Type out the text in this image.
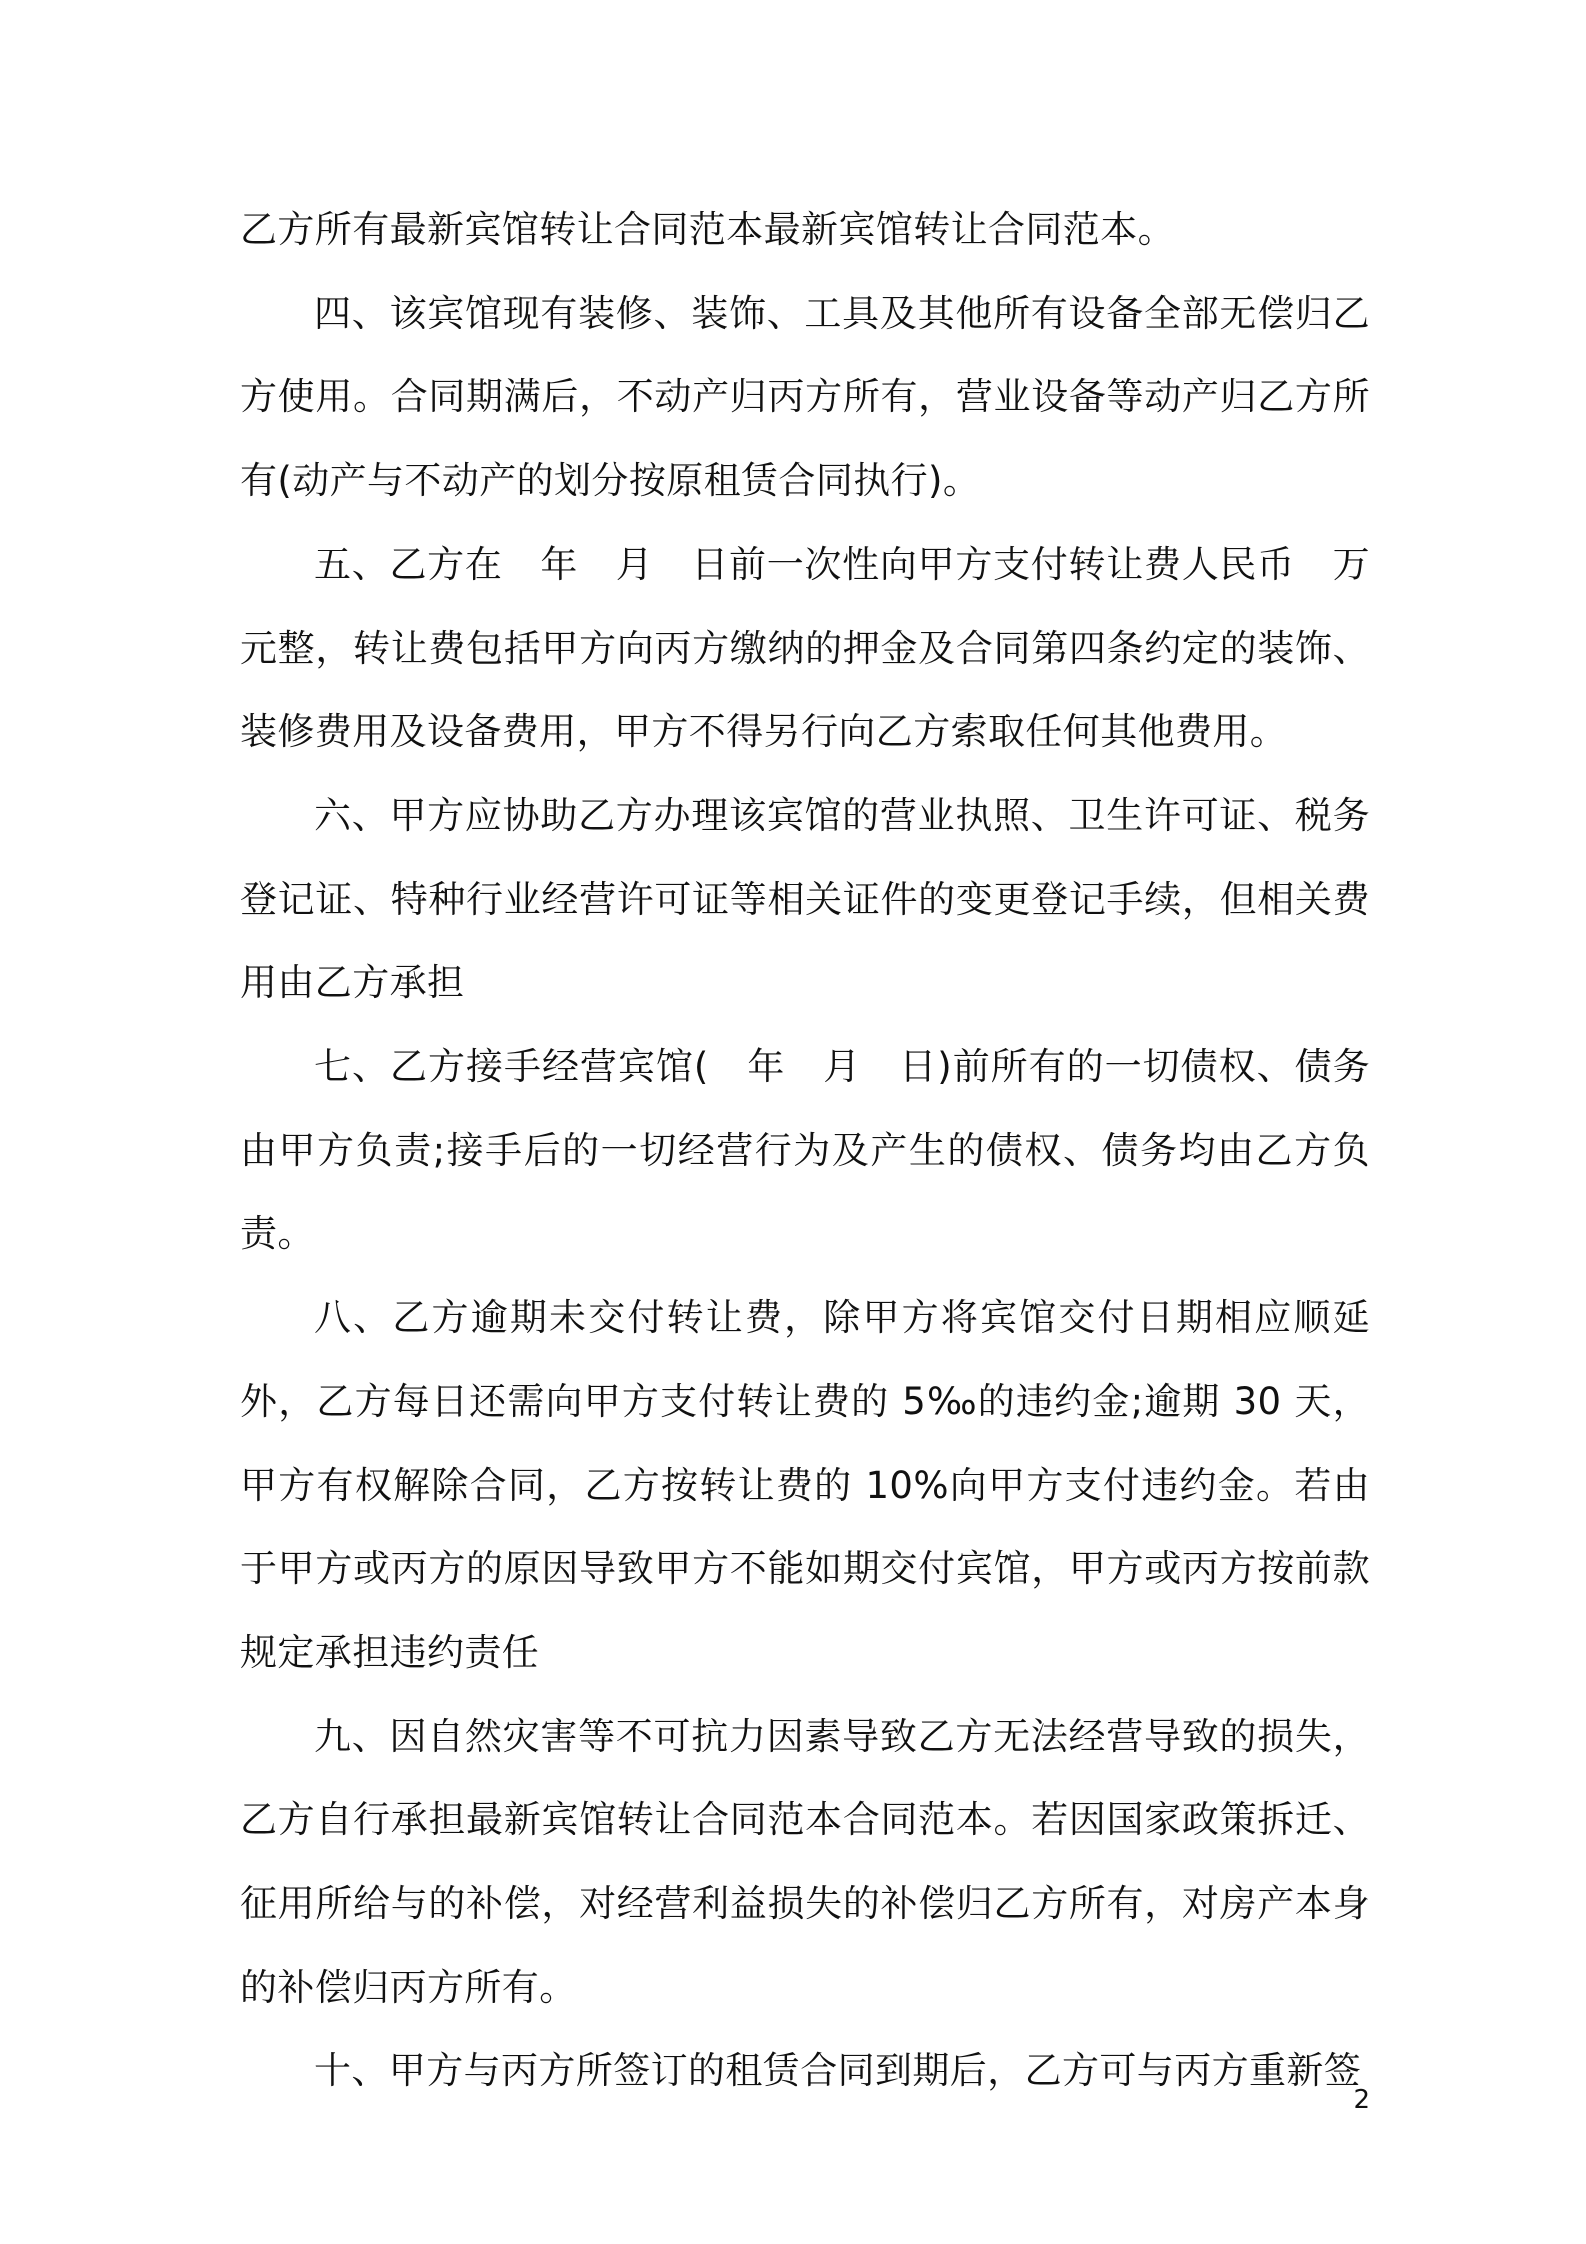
乙方所有最新宾馆转让合同范本最新宾馆转让合同范本。

四、该宾馆现有装修、装饰、工具及其他所有设备全部无偿归乙方使用。合同期满后，不动产归丙方所有，营业设备等动产归乙方所有(动产与不动产的划分按原租赁合同执行)。

五、乙方在　年　月　日前一次性向甲方支付转让费人民币　万元整，转让费包括甲方向丙方缴纳的押金及合同第四条约定的装饰、装修费用及设备费用，甲方不得另行向乙方索取任何其他费用。

六、甲方应协助乙方办理该宾馆的营业执照、卫生许可证、税务登记证、特种行业经营许可证等相关证件的变更登记手续，但相关费用由乙方承担

七、乙方接手经营宾馆(　年　月　日)前所有的一切债权、债务由甲方负责;接手后的一切经营行为及产生的债权、债务均由乙方负责。

八、乙方逾期未交付转让费，除甲方将宾馆交付日期相应顺延外，乙方每日还需向甲方支付转让费的 5‰的违约金;逾期 30 天，甲方有权解除合同，乙方按转让费的 10%向甲方支付违约金。若由于甲方或丙方的原因导致甲方不能如期交付宾馆，甲方或丙方按前款规定承担违约责任

九、因自然灾害等不可抗力因素导致乙方无法经营导致的损失，乙方自行承担最新宾馆转让合同范本合同范本。若因国家政策拆迁、征用所给与的补偿，对经营利益损失的补偿归乙方所有，对房产本身的补偿归丙方所有。

十、甲方与丙方所签订的租赁合同到期后，乙方可与丙方重新签

2
